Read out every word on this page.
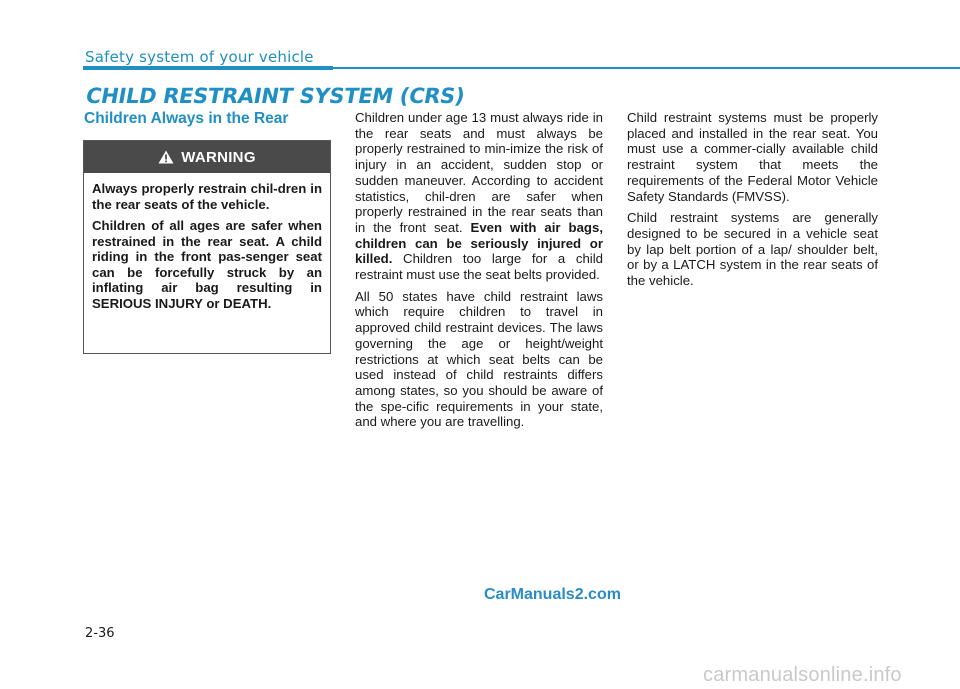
Safety system of your vehicle
CHILD RESTRAINT SYSTEM (CRS)
Children Always in the Rear
WARNING

Always properly restrain chil-dren in the rear seats of the vehicle.

Children of all ages are safer when restrained in the rear seat. A child riding in the front pas-senger seat can be forcefully struck by an inflating air bag resulting in SERIOUS INJURY or DEATH.

Children under age 13 must always ride in the rear seats and must always be properly restrained to min-imize the risk of injury in an accident, sudden stop or sudden maneuver. According to accident statistics, chil-dren are safer when properly restrained in the rear seats than in the front seat. Even with air bags, children can be seriously injured or killed. Children too large for a child restraint must use the seat belts provided.

All 50 states have child restraint laws which require children to travel in approved child restraint devices. The laws governing the age or height/weight restrictions at which seat belts can be used instead of child restraints differs among states, so you should be aware of the spe-cific requirements in your state, and where you are travelling.

Child restraint systems must be properly placed and installed in the rear seat. You must use a commer-cially available child restraint system that meets the requirements of the Federal Motor Vehicle Safety Standards (FMVSS).

Child restraint systems are generally designed to be secured in a vehicle seat by lap belt portion of a lap/ shoulder belt, or by a LATCH system in the rear seats of the vehicle.

CarManuals2.com
2-36
carmanualsonline.info
